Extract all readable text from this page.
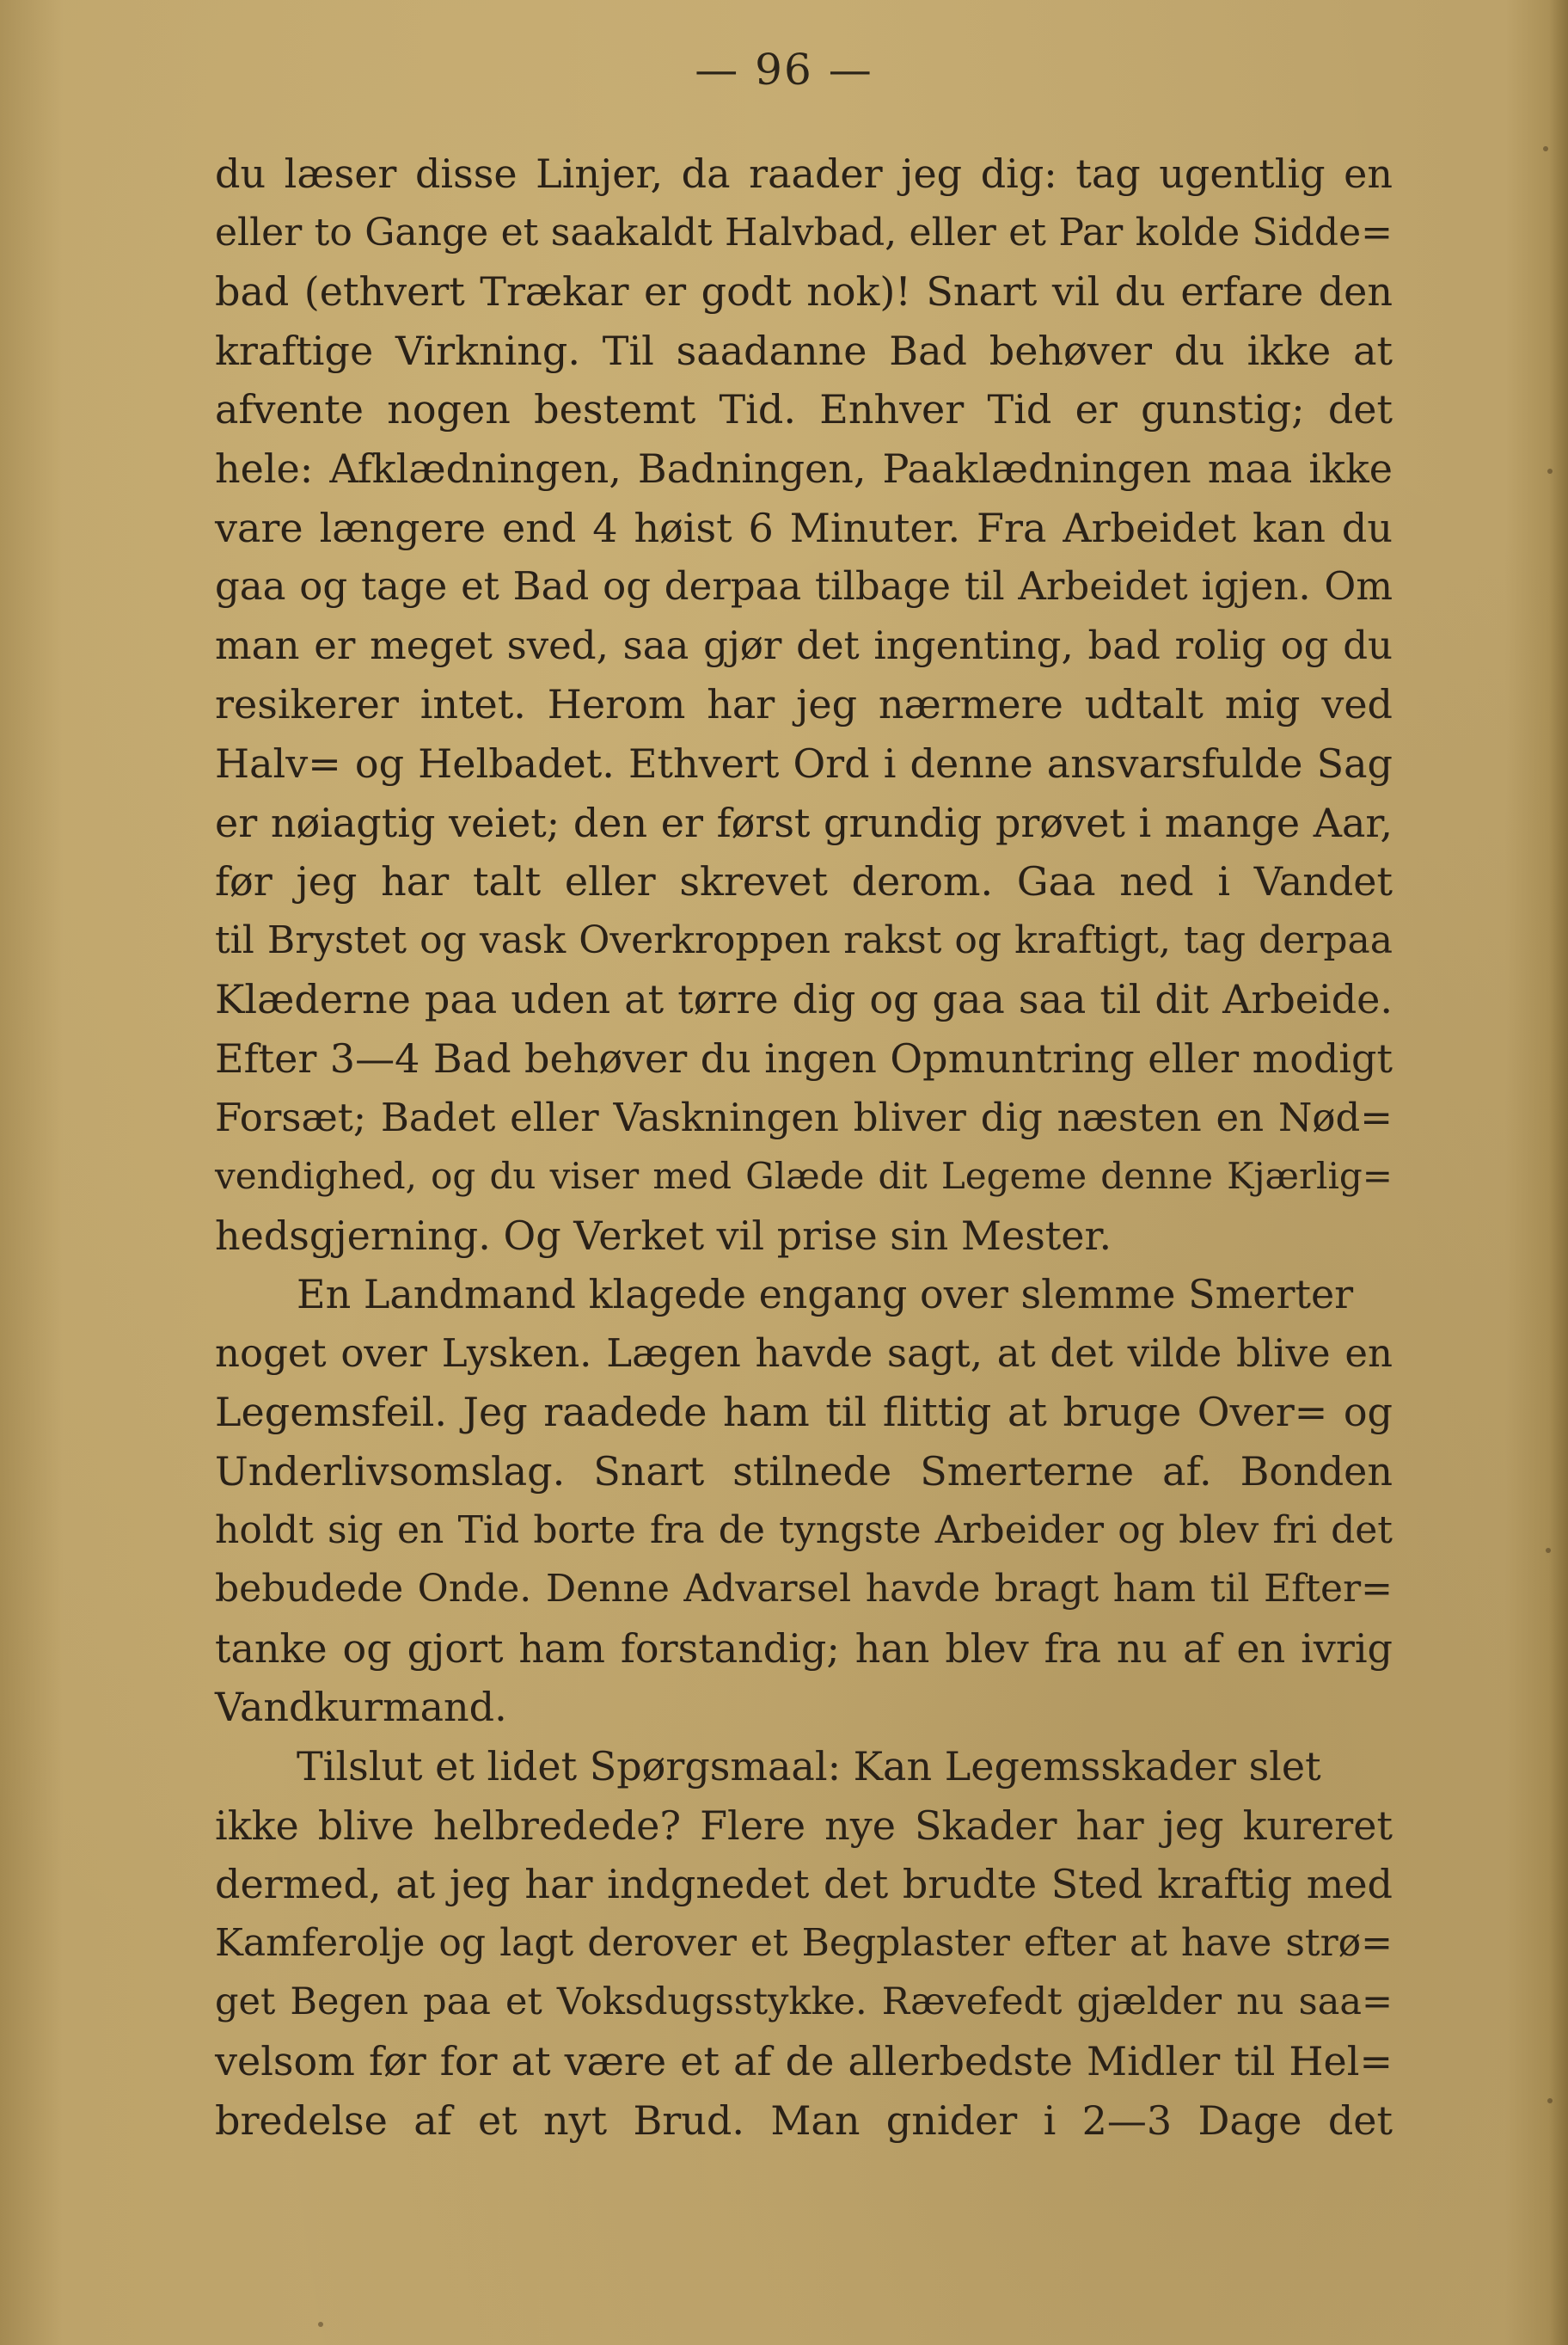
— 96 —
du læser disse Linjer, da raader jeg dig: tag ugentlig en
eller to Gange et saakaldt Halvbad, eller et Par kolde Sidde=
bad (ethvert Trækar er godt nok)! Snart vil du erfare den
kraftige Virkning. Til saadanne Bad behøver du ikke at
afvente nogen bestemt Tid. Enhver Tid er gunstig; det
hele: Afklædningen, Badningen, Paaklædningen maa ikke
vare længere end 4 høist 6 Minuter. Fra Arbeidet kan du
gaa og tage et Bad og derpaa tilbage til Arbeidet igjen. Om
man er meget sved, saa gjør det ingenting, bad rolig og du
resikerer intet. Herom har jeg nærmere udtalt mig ved
Halv= og Helbadet. Ethvert Ord i denne ansvarsfulde Sag
er nøiagtig veiet; den er først grundig prøvet i mange Aar,
før jeg har talt eller skrevet derom. Gaa ned i Vandet
til Brystet og vask Overkroppen rakst og kraftigt, tag derpaa
Klæderne paa uden at tørre dig og gaa saa til dit Arbeide.
Efter 3—4 Bad behøver du ingen Opmuntring eller modigt
Forsæt; Badet eller Vaskningen bliver dig næsten en Nød=
vendighed, og du viser med Glæde dit Legeme denne Kjærlig=
hedsgjerning. Og Verket vil prise sin Mester.
En Landmand klagede engang over slemme Smerter
noget over Lysken. Lægen havde sagt, at det vilde blive en
Legemsfeil. Jeg raadede ham til flittig at bruge Over= og
Underlivsomslag. Snart stilnede Smerterne af. Bonden
holdt sig en Tid borte fra de tyngste Arbeider og blev fri det
bebudede Onde. Denne Advarsel havde bragt ham til Efter=
tanke og gjort ham forstandig; han blev fra nu af en ivrig
Vandkurmand.
Tilslut et lidet Spørgsmaal: Kan Legemsskader slet
ikke blive helbredede? Flere nye Skader har jeg kureret
dermed, at jeg har indgnedet det brudte Sted kraftig med
Kamferolje og lagt derover et Begplaster efter at have strø=
get Begen paa et Voksdugsstykke. Rævefedt gjælder nu saa=
velsom før for at være et af de allerbedste Midler til Hel=
bredelse af et nyt Brud. Man gnider i 2—3 Dage det
